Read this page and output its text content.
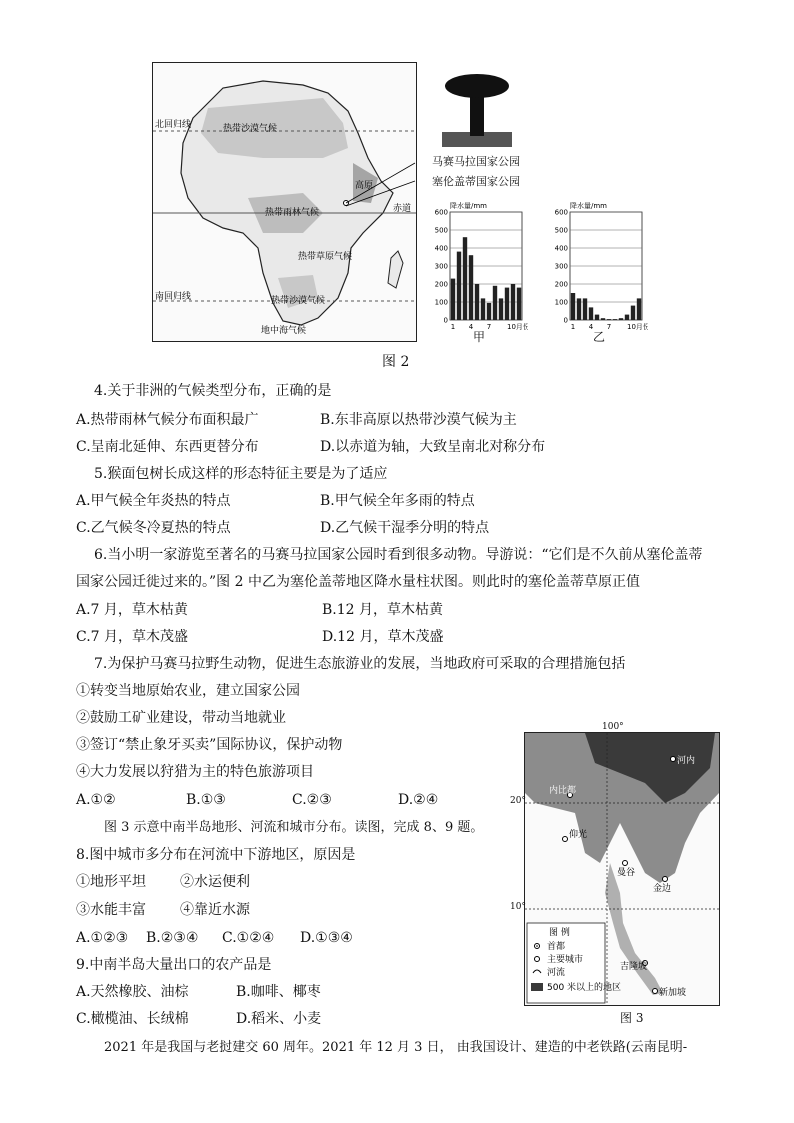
热带沙漠气候
北回归线
赤道
热带雨林气候
热带草原气候
南回归线	热带沙漠气候
地中海气候
高原
马赛马拉国家公园
塞伦盖蒂国家公园
降水量/mm
0
100
200
300
400
500
600
1 4 7 10月份
甲
降水量/mm
0
100
200
300
400
500
600
1 4 7 10月份
乙
图 2
4.关于非洲的气候类型分布，正确的是
A.热带雨林气候分布面积最广	B.东非高原以热带沙漠气候为主
C.呈南北延伸、东西更替分布	D.以赤道为轴，大致呈南北对称分布
5.猴面包树长成这样的形态特征主要是为了适应
A.甲气候全年炎热的特点	B.甲气候全年多雨的特点
C.乙气候冬冷夏热的特点	D.乙气候干湿季分明的特点
6.当小明一家游览至著名的马赛马拉国家公园时看到很多动物。导游说：“它们是不久前从塞伦盖蒂
国家公园迁徙过来的。”图 2 中乙为塞伦盖蒂地区降水量柱状图。则此时的塞伦盖蒂草原正值
A.7 月，草木枯黄	B.12 月，草木枯黄
C.7 月，草木茂盛	D.12 月，草木茂盛
7.为保护马赛马拉野生动物，促进生态旅游业的发展，当地政府可采取的合理措施包括
①转变当地原始农业，建立国家公园
②鼓励工矿业建设，带动当地就业
③签订“禁止象牙买卖”国际协议，保护动物
④大力发展以狩猎为主的特色旅游项目
A.①②	B.①③	C.②③	D.②④
图 3 示意中南半岛地形、河流和城市分布。读图，完成 8、9 题。
8.图中城市多分布在河流中下游地区，原因是
①地形平坦 ②水运便利
③水能丰富 ④靠近水源
A.①②③ B.②③④ C.①②④ D.①③④
9.中南半岛大量出口的农产品是
A.天然橡胶、油棕	B.咖啡、椰枣
C.橄榄油、长绒棉	D.稻米、小麦
2021 年是我国与老挝建交 60 周年。2021 年 12 月 3 日， 由我国设计、建造的中老铁路(云南昆明-
河内
内比都
仰光
曼谷
金边
吉隆坡
新加坡
图 例
首都
主要城市
河流
500 米以上的地区
100°
20°
10°
图 3
